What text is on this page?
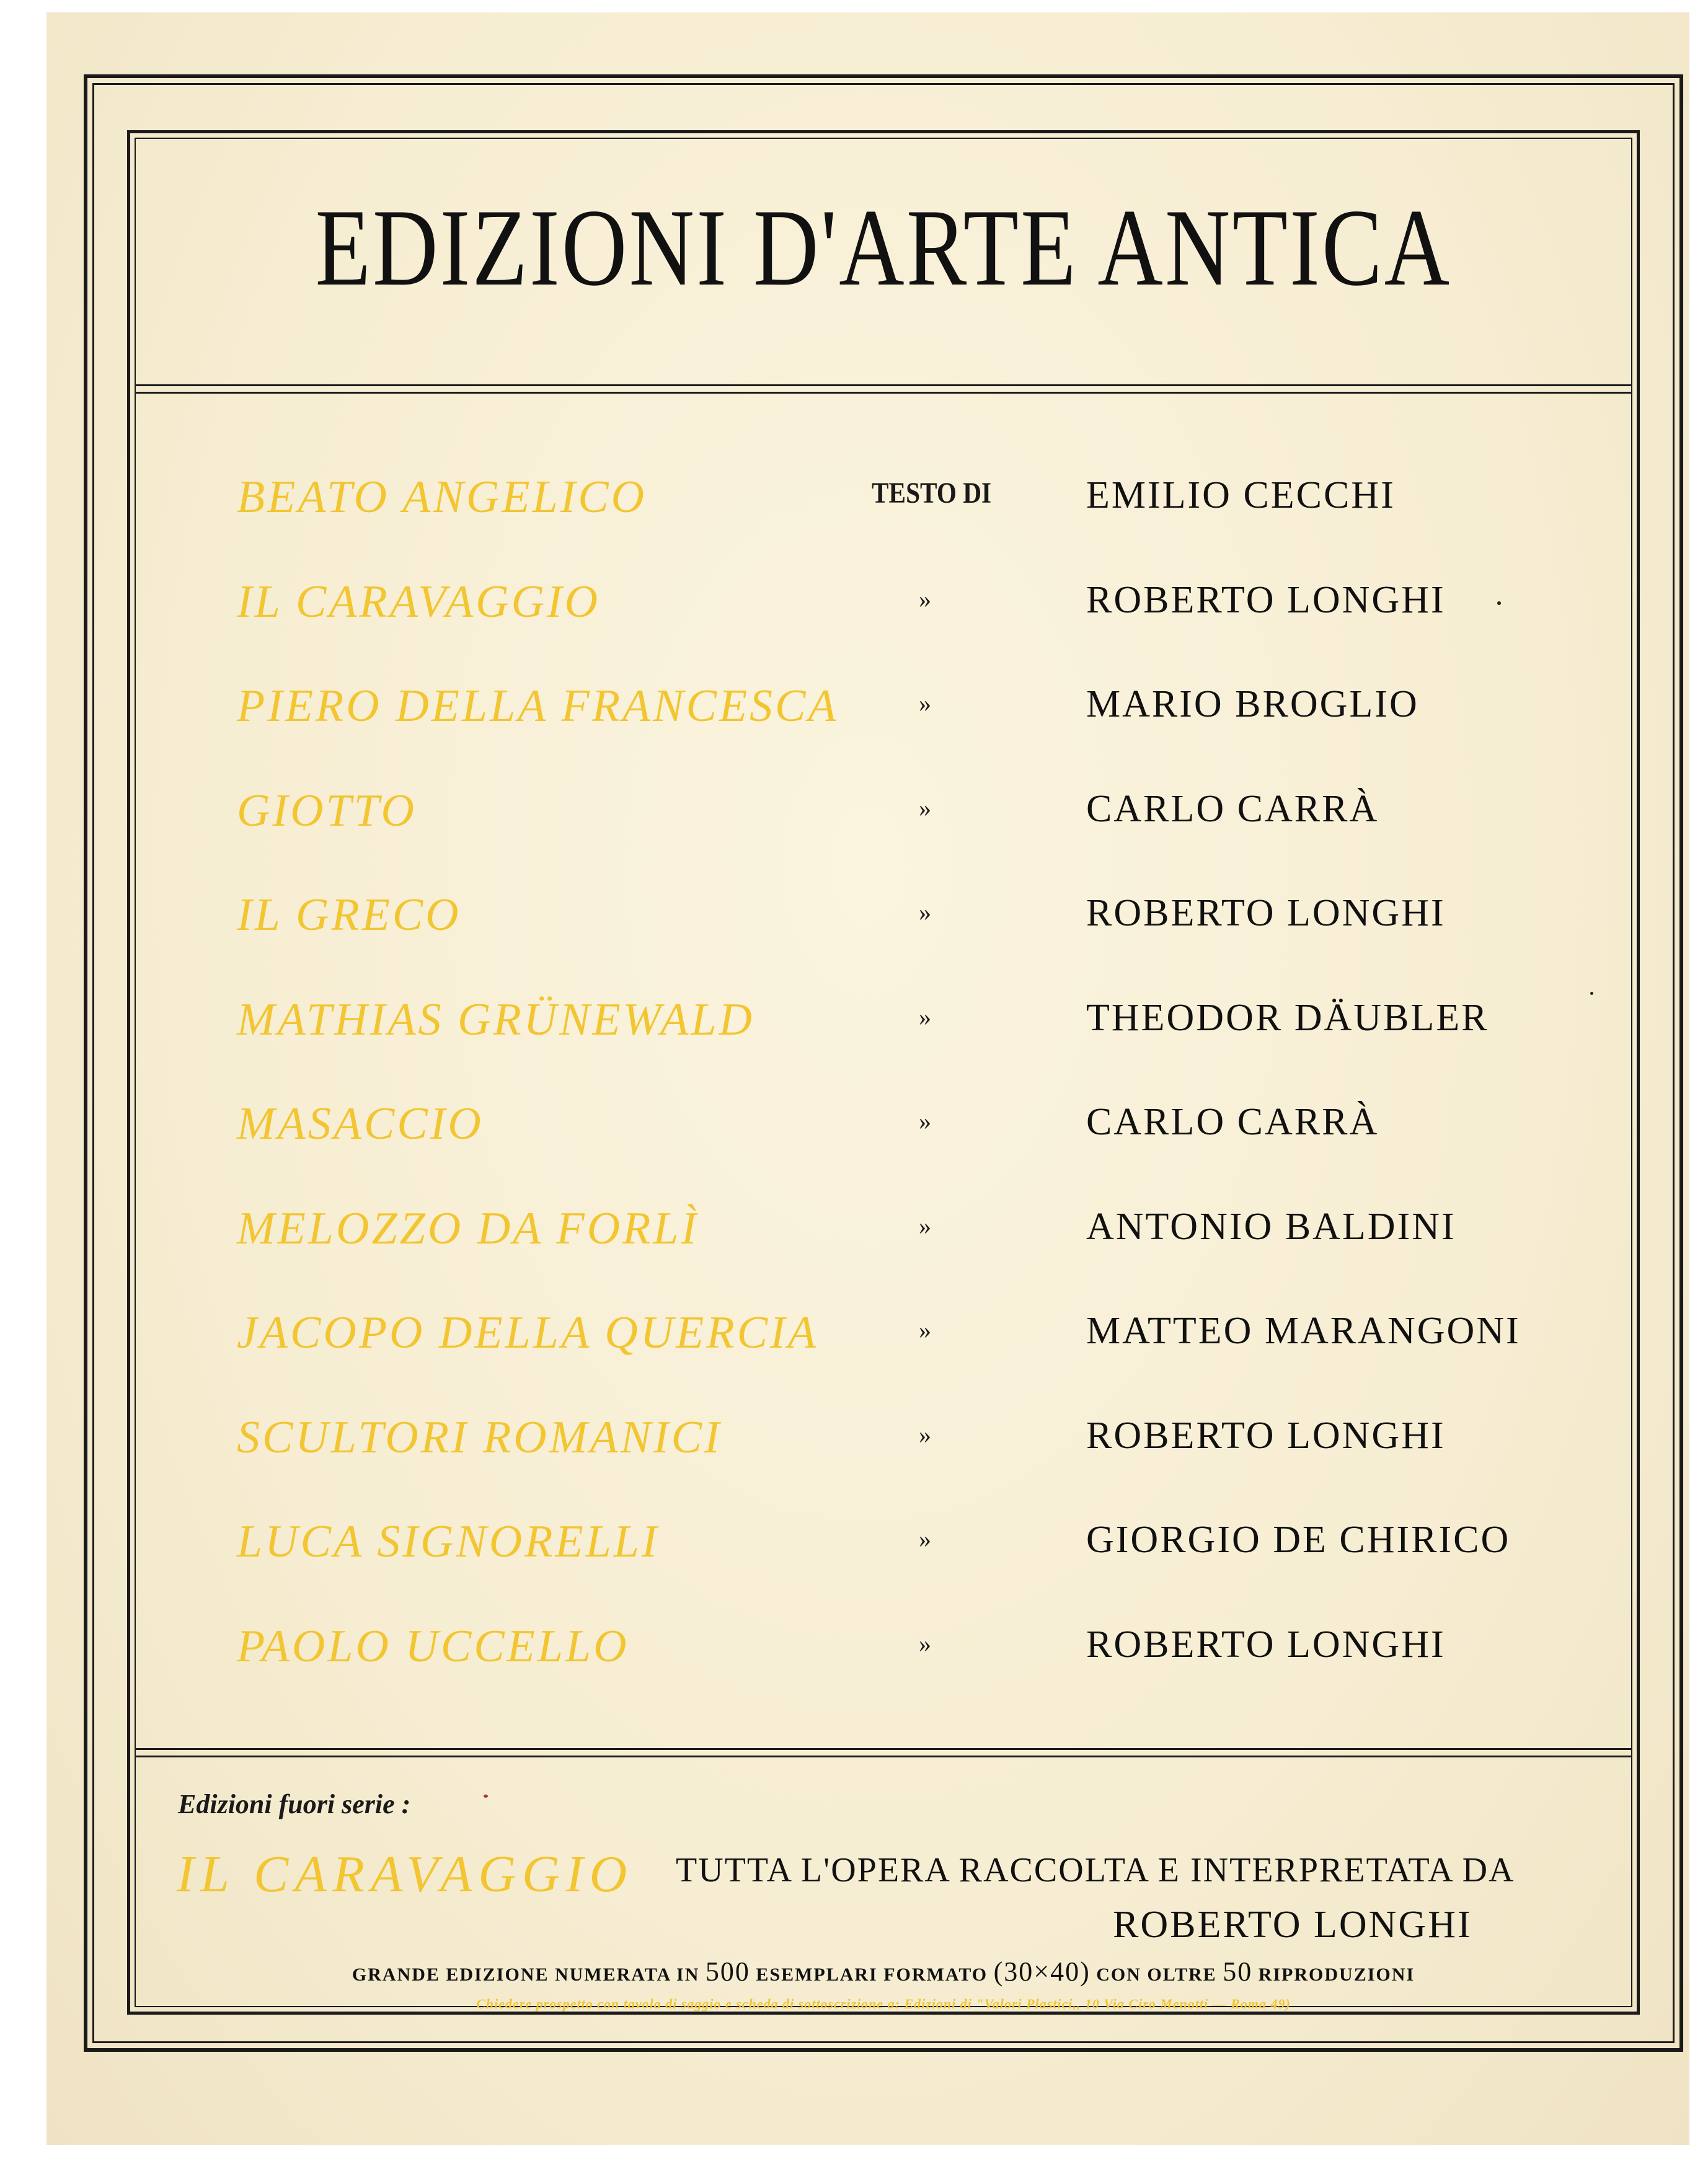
EDIZIONI D'ARTE ANTICA
BEATO ANGELICO	TESTO DI EMILIO CECCHI
IL CARAVAGGIO	»	ROBERTO LONGHI
PIERO DELLA FRANCESCA	»	MARIO BROGLIO
GIOTTO	»	CARLO CARRÀ
IL GRECO	»	ROBERTO LONGHI
MATHIAS GRÜNEWALD	»	THEODOR DÄUBLER
MASACCIO	»	CARLO CARRÀ
MELOZZO DA FORLÌ	»	ANTONIO BALDINI
JACOPO DELLA QUERCIA	»	MATTEO MARANGONI
SCULTORI ROMANICI	»	ROBERTO LONGHI
LUCA SIGNORELLI	»	GIORGIO DE CHIRICO
PAOLO UCCELLO	»	ROBERTO LONGHI
Edizioni fuori serie :
IL CARAVAGGIO TUTTA L'OPERA RACCOLTA E INTERPRETATA DA
ROBERTO LONGHI
GRANDE EDIZIONE NUMERATA IN 500 ESEMPLARI FORMATO (30×40) CON OLTRE 50 RIPRODUZIONI
Chiedere prospetto con tavola di saggio e scheda di sottoscrizione a: Edizioni di "Valori Plastici,, 10 Via Ciro Menotti — Roma 49)
